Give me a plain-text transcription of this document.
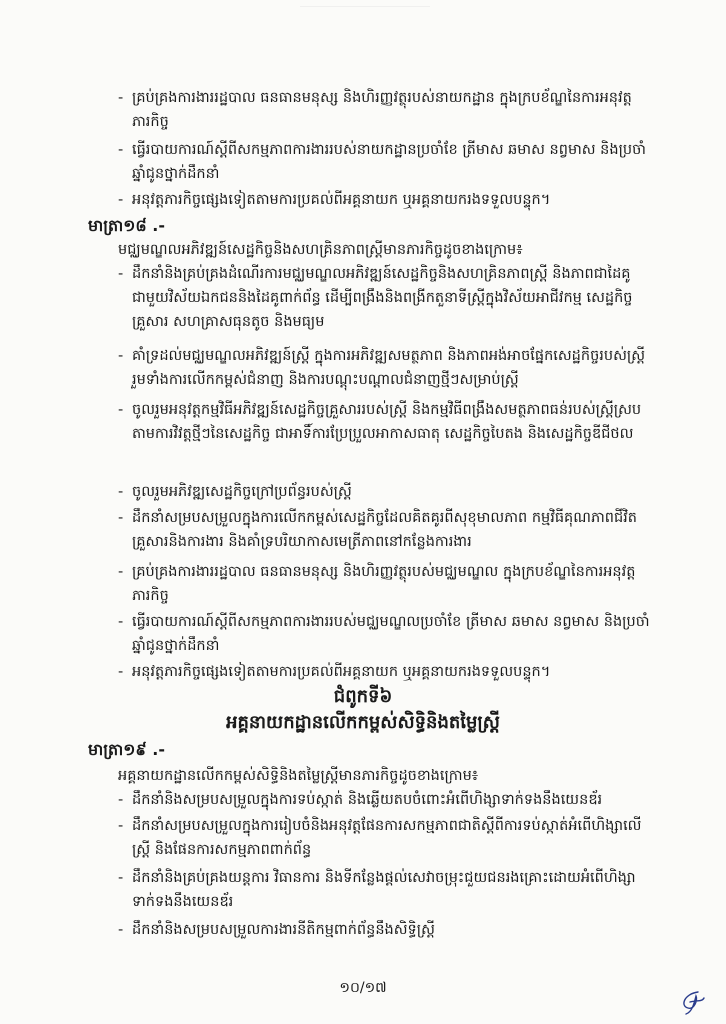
- គ្រប់គ្រងការងាររដ្ឋបាល ធនធានមនុស្ស និងហិរញ្ញវត្ថុរបស់នាយកដ្ឋាន ក្នុងក្របខ័ណ្ឌនៃការអនុវត្តភារកិច្ច
- ធ្វើរបាយការណ៍ស្តីពីសកម្មភាពការងាររបស់នាយកដ្ឋានប្រចាំខែ ត្រីមាស ឆមាស នព្វមាស និងប្រចាំឆ្នាំជូនថ្នាក់ដឹកនាំ
- អនុវត្តភារកិច្ចផ្សេងទៀតតាមការប្រគល់ពីអគ្គនាយក ឬអគ្គនាយករងទទួលបន្ទុក។
មាត្រា១៨ .-
មជ្ឈមណ្ឌលអភិវឌ្ឍន៍សេដ្ឋកិច្ចនិងសហគ្រិនភាពស្ត្រីមានភារកិច្ចដូចខាងក្រោម៖
- ដឹកនាំនិងគ្រប់គ្រងដំណើរការមជ្ឈមណ្ឌលអភិវឌ្ឍន៍សេដ្ឋកិច្ចនិងសហគ្រិនភាពស្ត្រី និងភាពជាដៃគូជាមួយវិស័យឯកជននិងដៃគូពាក់ព័ន្ធ ដើម្បីពង្រឹងនិងពង្រីកតួនាទីស្ត្រីក្នុងវិស័យអាជីវកម្ម សេដ្ឋកិច្ចគ្រួសារ សហគ្រាសធុនតូច និងមធ្យម
- គាំទ្រដល់មជ្ឈមណ្ឌលអភិវឌ្ឍន៍ស្ត្រី ក្នុងការអភិវឌ្ឍសមត្ថភាព និងភាពអង់អាចផ្នែកសេដ្ឋកិច្ចរបស់ស្ត្រី រួមទាំងការលើកកម្ពស់ជំនាញ និងការបណ្តុះបណ្តាលជំនាញថ្មីៗសម្រាប់ស្ត្រី
- ចូលរួមអនុវត្តកម្មវិធីអភិវឌ្ឍន៍សេដ្ឋកិច្ចគ្រួសាររបស់ស្ត្រី និងកម្មវិធីពង្រឹងសមត្ថភាពធន់របស់ស្ត្រីស្របតាមការវិវត្តថ្មីៗនៃសេដ្ឋកិច្ច ជាអាទិ៍ការប្រែប្រួលអាកាសធាតុ សេដ្ឋកិច្ចបៃតង និងសេដ្ឋកិច្ចឌីជីថល
- ចូលរួមអភិវឌ្ឍសេដ្ឋកិច្ចក្រៅប្រព័ន្ធរបស់ស្ត្រី
- ដឹកនាំសម្របសម្រួលក្នុងការលើកកម្ពស់សេដ្ឋកិច្ចដែលគិតគូរពីសុខុមាលភាព កម្មវិធីគុណភាពជីវិតគ្រួសារនិងការងារ និងគាំទ្របរិយាកាសមេត្រីភាពនៅកន្លែងការងារ
- គ្រប់គ្រងការងាររដ្ឋបាល ធនធានមនុស្ស និងហិរញ្ញវត្ថុរបស់មជ្ឈមណ្ឌល ក្នុងក្របខ័ណ្ឌនៃការអនុវត្តភារកិច្ច
- ធ្វើរបាយការណ៍ស្តីពីសកម្មភាពការងាររបស់មជ្ឈមណ្ឌលប្រចាំខែ ត្រីមាស ឆមាស នព្វមាស និងប្រចាំឆ្នាំជូនថ្នាក់ដឹកនាំ
- អនុវត្តភារកិច្ចផ្សេងទៀតតាមការប្រគល់ពីអគ្គនាយក ឬអគ្គនាយករងទទួលបន្ទុក។
ជំពូកទី៦
អគ្គនាយកដ្ឋានលើកកម្ពស់សិទ្ធិនិងតម្លៃស្ត្រី
មាត្រា១៩ .-
អគ្គនាយកដ្ឋានលើកកម្ពស់សិទ្ធិនិងតម្លៃស្ត្រីមានភារកិច្ចដូចខាងក្រោម៖
- ដឹកនាំនិងសម្របសម្រួលក្នុងការទប់ស្កាត់ និងឆ្លើយតបចំពោះអំពើហិង្សាទាក់ទងនឹងយេនឌ័រ
- ដឹកនាំសម្របសម្រួលក្នុងការរៀបចំនិងអនុវត្តផែនការសកម្មភាពជាតិស្តីពីការទប់ស្កាត់អំពើហិង្សាលើស្ត្រី និងផែនការសកម្មភាពពាក់ព័ន្ធ
- ដឹកនាំនិងគ្រប់គ្រងយន្តការ វិធានការ និងទីកន្លែងផ្តល់សេវាចម្រុះជួយជនរងគ្រោះដោយអំពើហិង្សាទាក់ទងនឹងយេនឌ័រ
- ដឹកនាំនិងសម្របសម្រួលការងារនីតិកម្មពាក់ព័ន្ធនឹងសិទ្ធិស្ត្រី
១០/១៧
